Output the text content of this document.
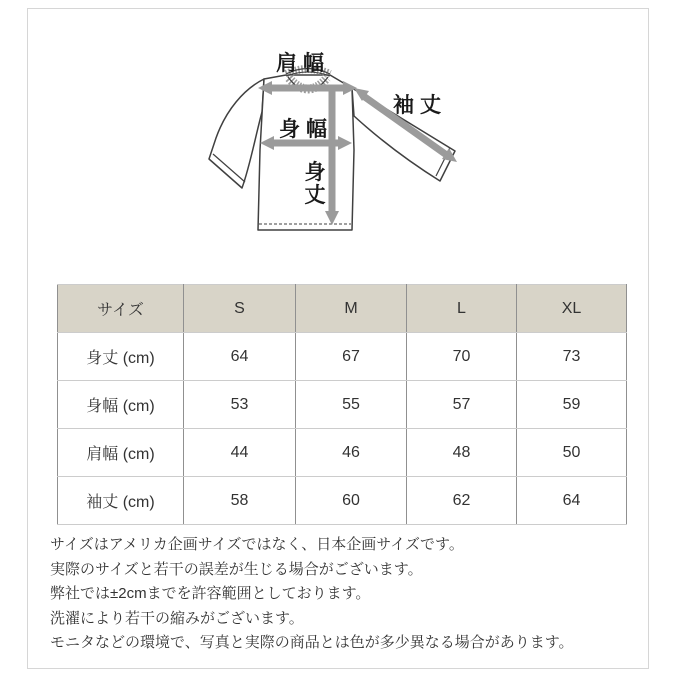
肩幅
袖丈
身幅
身
丈
サイズ	S	M	L	XL
身丈 (cm)	64	67	70	73
身幅 (cm)	53	55	57	59
肩幅 (cm)	44	46	48	50
袖丈 (cm)	58	60	62	64
サイズはアメリカ企画サイズではなく、日本企画サイズです。
実際のサイズと若干の誤差が生じる場合がございます。
弊社では±2cmまでを許容範囲としております。
洗濯により若干の縮みがございます。
モニタなどの環境で、写真と実際の商品とは色が多少異なる場合があります。
